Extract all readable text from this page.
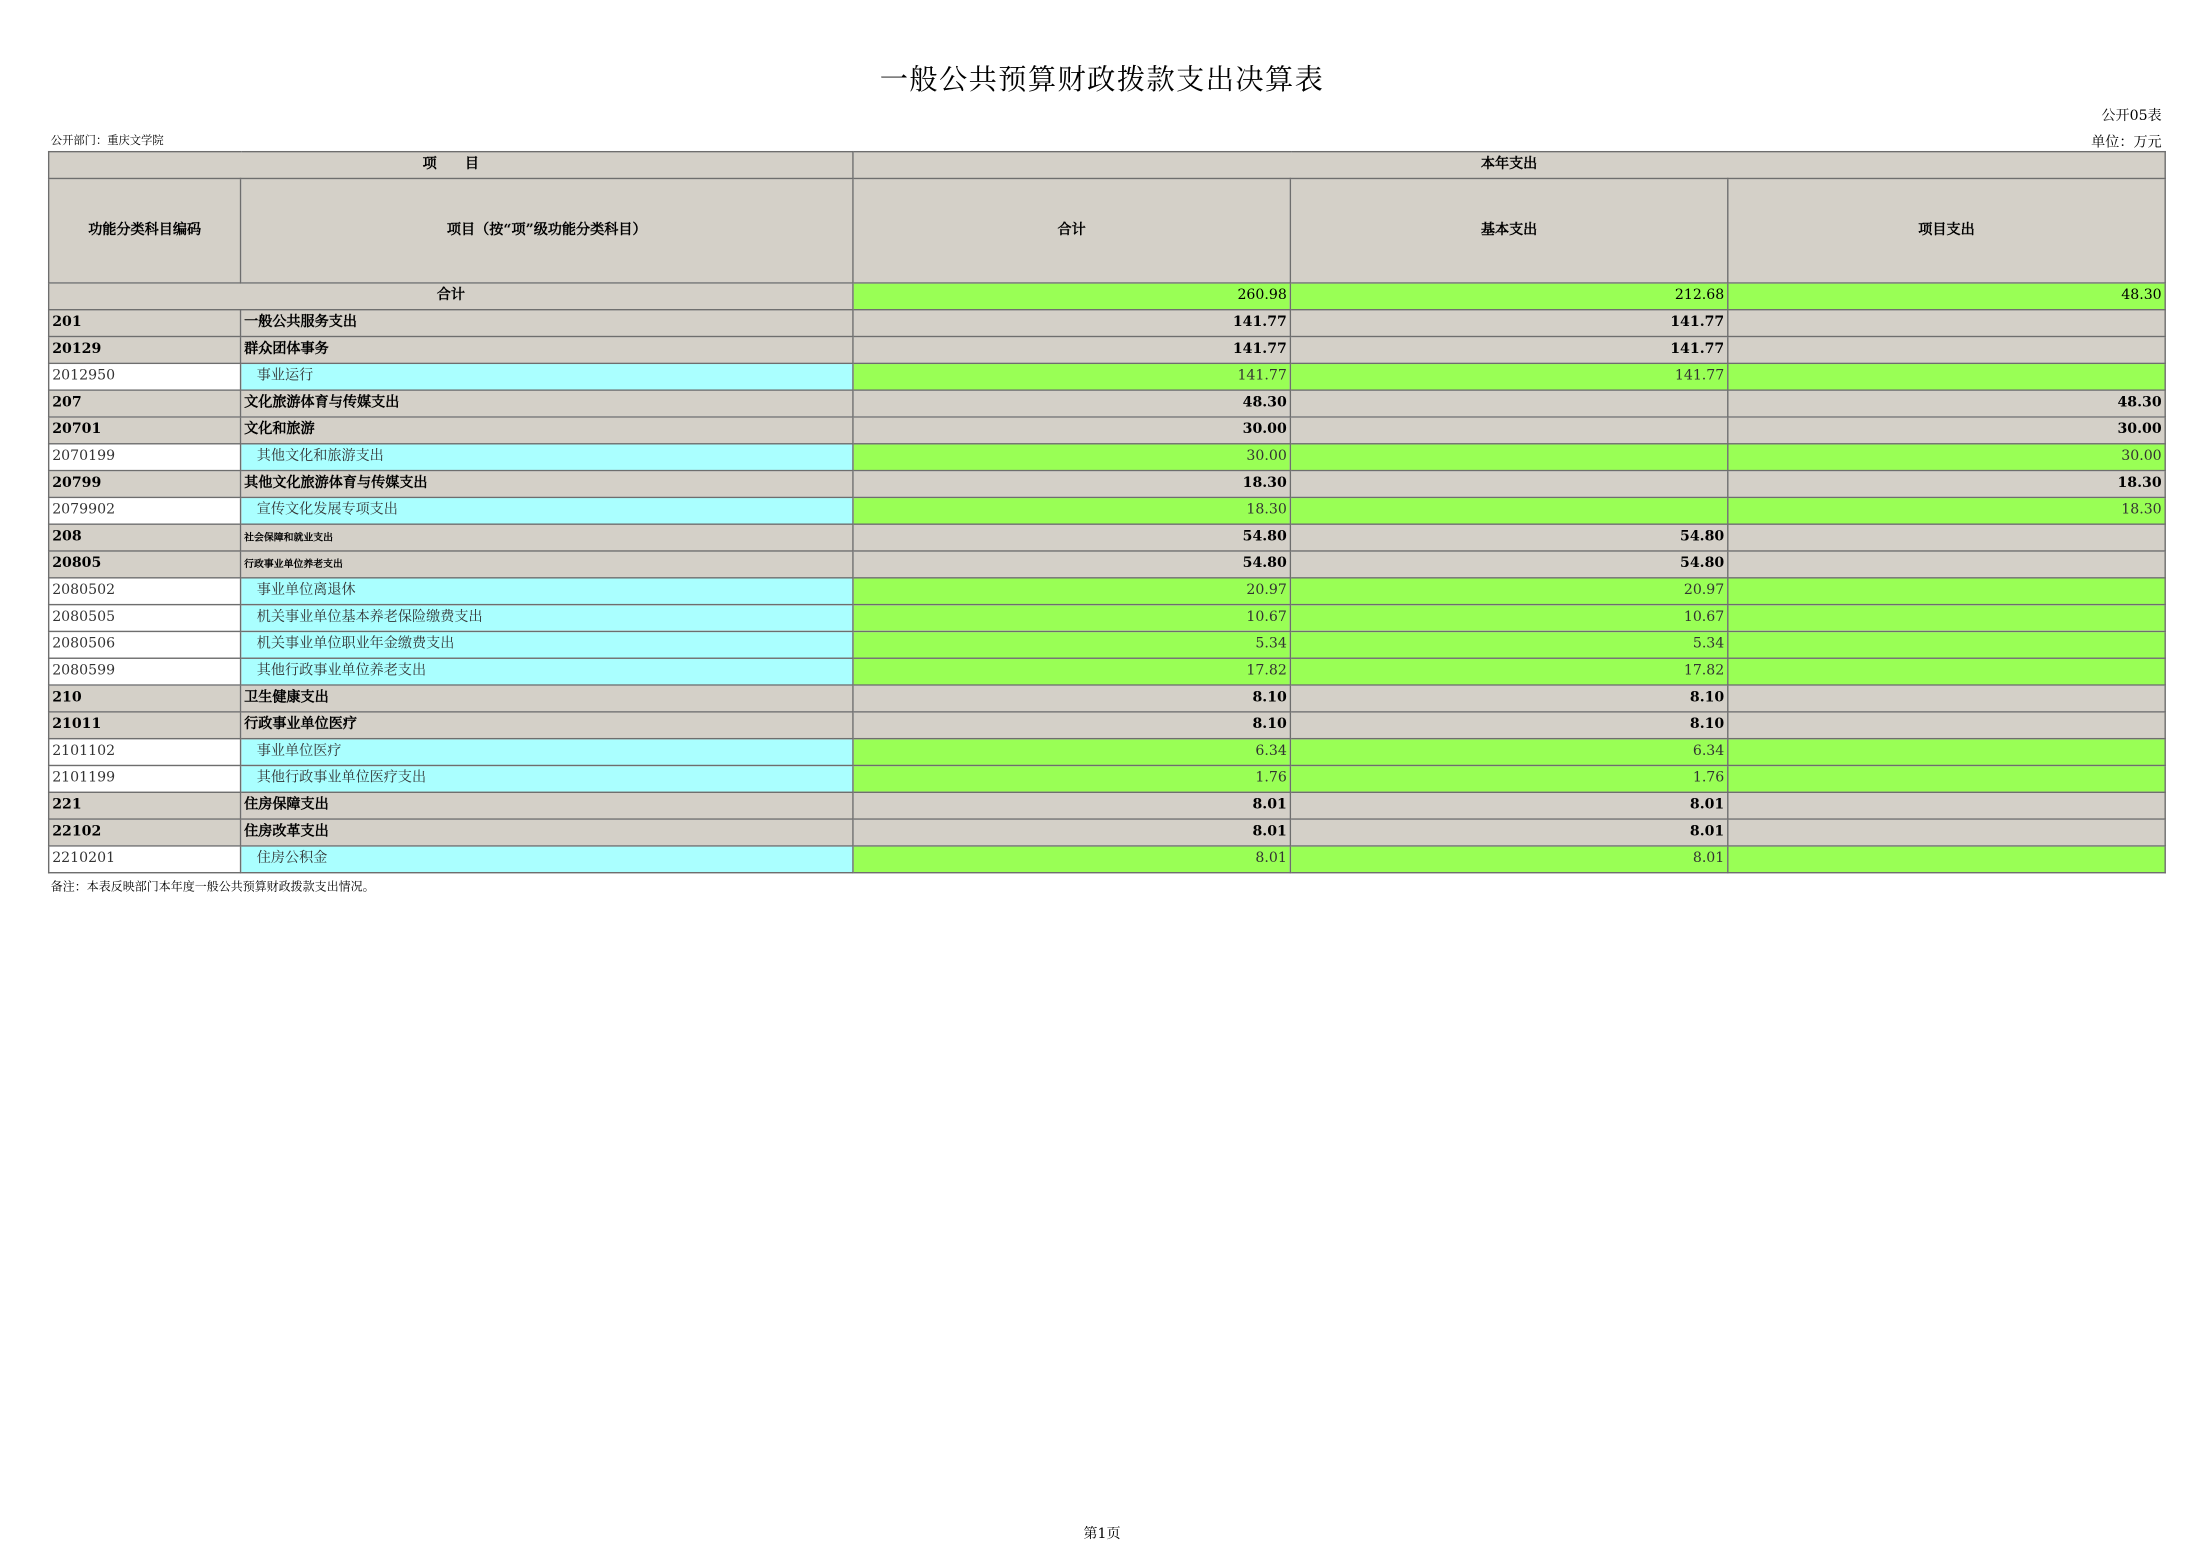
一般公共预算财政拨款支出决算表
公开05表
公开部门：重庆文学院	单位：万元
项　　目		本年支出		
功能分类科目编码	项目（按“项”级功能分类科目）	合计	基本支出	项目支出
合计		260.98	212.68	48.30
201	一般公共服务支出	141.77	141.77	
20129	群众团体事务	141.77	141.77	
2012950	事业运行	141.77	141.77	
207	文化旅游体育与传媒支出	48.30		48.30
20701	文化和旅游	30.00		30.00
2070199	其他文化和旅游支出	30.00		30.00
20799	其他文化旅游体育与传媒支出	18.30		18.30
2079902	宣传文化发展专项支出	18.30		18.30
208	社会保障和就业支出	54.80	54.80	
20805	行政事业单位养老支出	54.80	54.80	
2080502	事业单位离退休	20.97	20.97	
2080505	机关事业单位基本养老保险缴费支出	10.67	10.67	
2080506	机关事业单位职业年金缴费支出	5.34	5.34	
2080599	其他行政事业单位养老支出	17.82	17.82	
210	卫生健康支出	8.10	8.10	
21011	行政事业单位医疗	8.10	8.10	
2101102	事业单位医疗	6.34	6.34	
2101199	其他行政事业单位医疗支出	1.76	1.76	
221	住房保障支出	8.01	8.01	
22102	住房改革支出	8.01	8.01	
2210201	住房公积金	8.01	8.01	
备注：本表反映部门本年度一般公共预算财政拨款支出情况。
第1页
